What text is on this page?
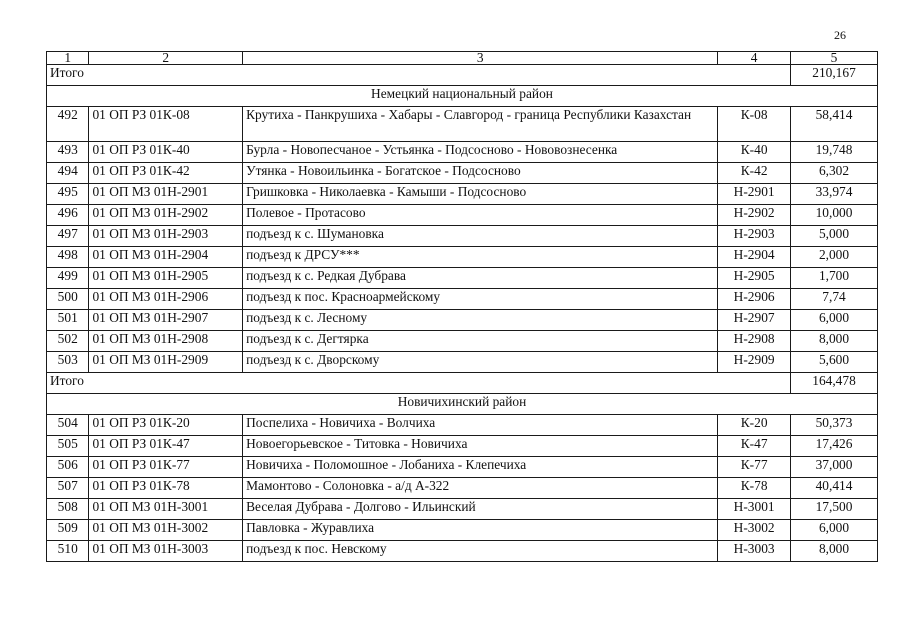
26
1	2	3	4	5
Итого				210,167
Немецкий национальный район				
492	01 ОП РЗ 01К-08	Крутиха - Панкрушиха - Хабары - Славгород - граница Республики Казахстан	К-08	58,414
493	01 ОП РЗ 01К-40	Бурла - Новопесчаное - Устьянка - Подсосново - Нововознесенка	К-40	19,748
494	01 ОП РЗ 01К-42	Утянка - Новоильинка - Богатское - Подсосново	К-42	6,302
495	01 ОП МЗ 01Н-2901	Гришковка - Николаевка - Камыши - Подсосново	Н-2901	33,974
496	01 ОП МЗ 01Н-2902	Полевое - Протасово	Н-2902	10,000
497	01 ОП МЗ 01Н-2903	подъезд к с. Шумановка	Н-2903	5,000
498	01 ОП МЗ 01Н-2904	подъезд к ДРСУ***	Н-2904	2,000
499	01 ОП МЗ 01Н-2905	подъезд к с. Редкая Дубрава	Н-2905	1,700
500	01 ОП МЗ 01Н-2906	подъезд к пос. Красноармейскому	Н-2906	7,74
501	01 ОП МЗ 01Н-2907	подъезд к с. Лесному	Н-2907	6,000
502	01 ОП МЗ 01Н-2908	подъезд к с. Дегтярка	Н-2908	8,000
503	01 ОП МЗ 01Н-2909	подъезд к с. Дворскому	Н-2909	5,600
Итого				164,478
Новичихинский район				
504	01 ОП РЗ 01К-20	Поспелиха - Новичиха - Волчиха	К-20	50,373
505	01 ОП РЗ 01К-47	Новоегорьевское - Титовка - Новичиха	К-47	17,426
506	01 ОП РЗ 01К-77	Новичиха - Поломошное - Лобаниха - Клепечиха	К-77	37,000
507	01 ОП РЗ 01К-78	Мамонтово - Солоновка - а/д А-322	К-78	40,414
508	01 ОП МЗ 01Н-3001	Веселая Дубрава - Долгово - Ильинский	Н-3001	17,500
509	01 ОП МЗ 01Н-3002	Павловка - Журавлиха	Н-3002	6,000
510	01 ОП МЗ 01Н-3003	подъезд к пос. Невскому	Н-3003	8,000
